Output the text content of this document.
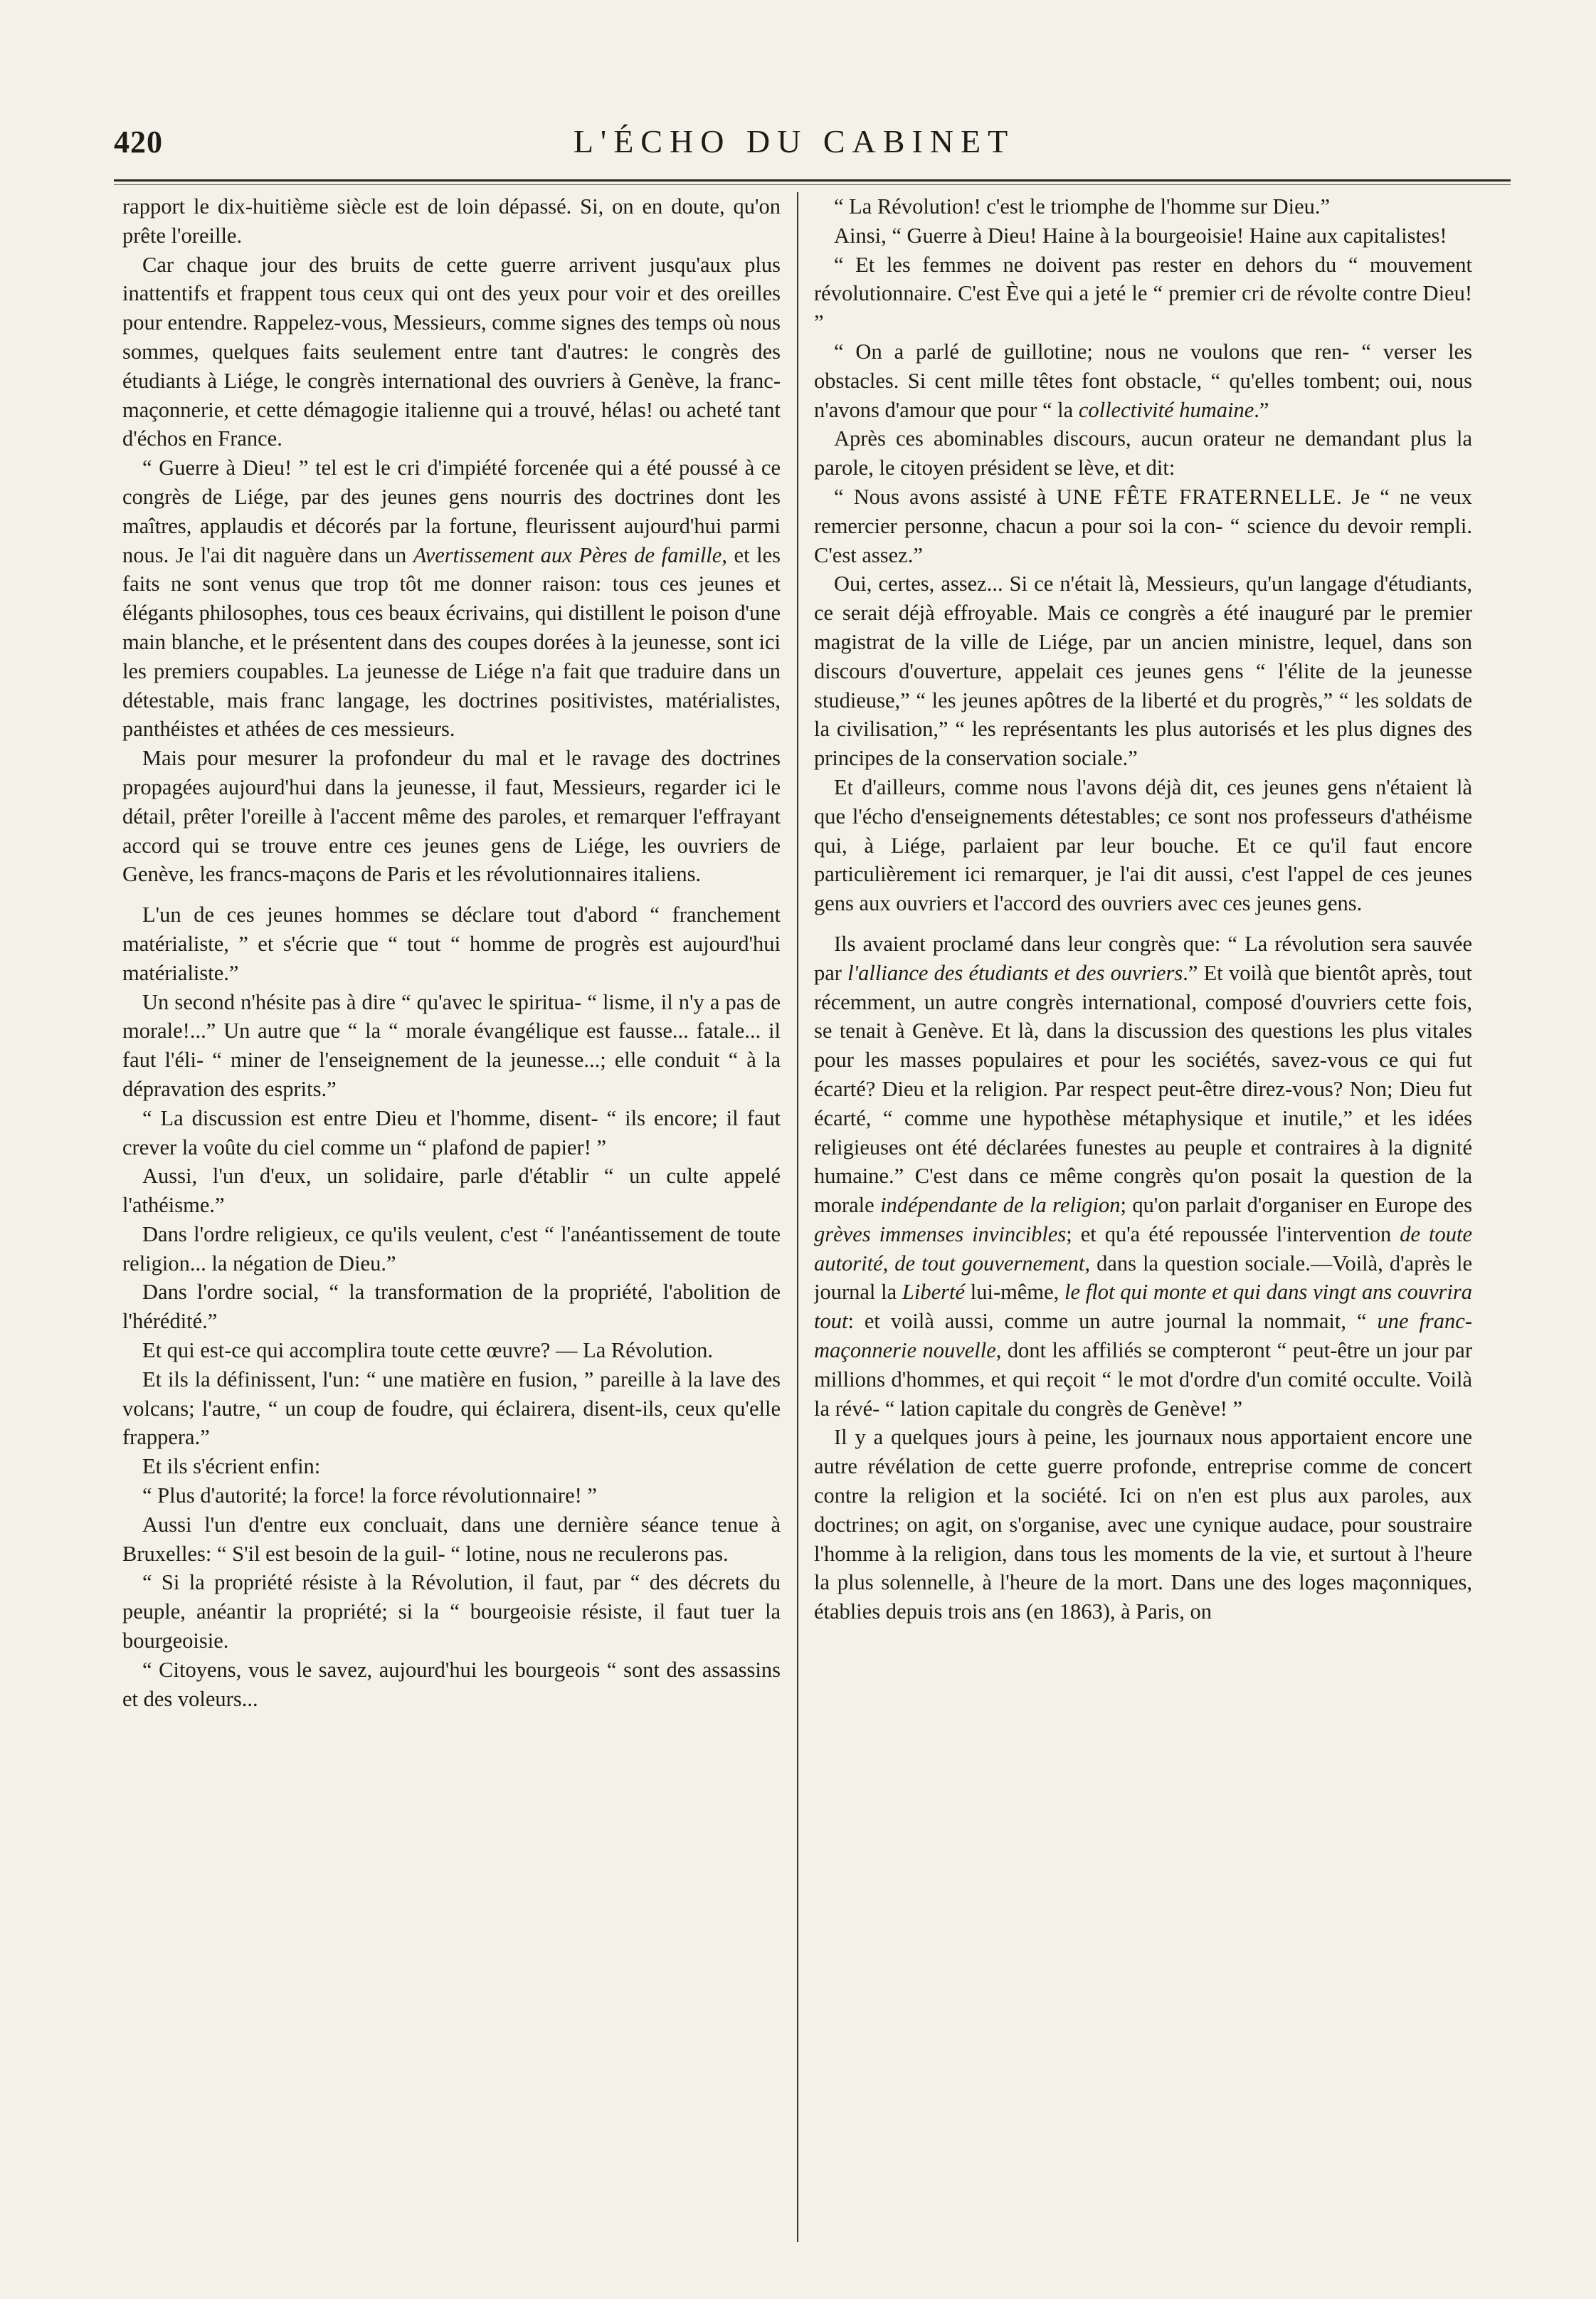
420	L'ÉCHO DU CABINET

rapport le dix-huitième siècle est de loin dépassé. Si, on en doute, qu'on prête l'oreille.

Car chaque jour des bruits de cette guerre arrivent jusqu'aux plus inattentifs et frappent tous ceux qui ont des yeux pour voir et des oreilles pour entendre. Rappelez-vous, Messieurs, comme signes des temps où nous sommes, quelques faits seulement entre tant d'autres: le congrès des étudiants à Liége, le congrès international des ouvriers à Genève, la franc-maçonnerie, et cette démagogie italienne qui a trouvé, hélas! ou acheté tant d'échos en France.

“ Guerre à Dieu! ” tel est le cri d'impiété forcenée qui a été poussé à ce congrès de Liége, par des jeunes gens nourris des doctrines dont les maîtres, applaudis et décorés par la fortune, fleurissent aujourd'hui parmi nous. Je l'ai dit naguère dans un Avertissement aux Pères de famille, et les faits ne sont venus que trop tôt me donner raison: tous ces jeunes et élégants philosophes, tous ces beaux écrivains, qui distillent le poison d'une main blanche, et le présentent dans des coupes dorées à la jeunesse, sont ici les premiers coupables. La jeunesse de Liége n'a fait que traduire dans un détestable, mais franc langage, les doctrines positivistes, matérialistes, panthéistes et athées de ces messieurs.

Mais pour mesurer la profondeur du mal et le ravage des doctrines propagées aujourd'hui dans la jeunesse, il faut, Messieurs, regarder ici le détail, prêter l'oreille à l'accent même des paroles, et remarquer l'effrayant accord qui se trouve entre ces jeunes gens de Liége, les ouvriers de Genève, les francs-maçons de Paris et les révolutionnaires italiens.

L'un de ces jeunes hommes se déclare tout d'abord “ franchement matérialiste, ” et s'écrie que “ tout “ homme de progrès est aujourd'hui matérialiste.”

Un second n'hésite pas à dire “ qu'avec le spiritua- “ lisme, il n'y a pas de morale!...” Un autre que “ la “ morale évangélique est fausse... fatale... il faut l'éli- “ miner de l'enseignement de la jeunesse...; elle conduit “ à la dépravation des esprits.”

“ La discussion est entre Dieu et l'homme, disent- “ ils encore; il faut crever la voûte du ciel comme un “ plafond de papier! ”

Aussi, l'un d'eux, un solidaire, parle d'établir “ un culte appelé l'athéisme.”

Dans l'ordre religieux, ce qu'ils veulent, c'est “ l'anéantissement de toute religion... la négation de Dieu.”

Dans l'ordre social, “ la transformation de la propriété, l'abolition de l'hérédité.”

Et qui est-ce qui accomplira toute cette œuvre? — La Révolution.

Et ils la définissent, l'un: “ une matière en fusion, ” pareille à la lave des volcans; l'autre, “ un coup de foudre, qui éclairera, disent-ils, ceux qu'elle frappera.”

Et ils s'écrient enfin:

“ Plus d'autorité; la force! la force révolutionnaire! ”

Aussi l'un d'entre eux concluait, dans une dernière séance tenue à Bruxelles: “ S'il est besoin de la guil- “ lotine, nous ne reculerons pas.

“ Si la propriété résiste à la Révolution, il faut, par “ des décrets du peuple, anéantir la propriété; si la “ bourgeoisie résiste, il faut tuer la bourgeoisie.

“ Citoyens, vous le savez, aujourd'hui les bourgeois “ sont des assassins et des voleurs...

“ La Révolution! c'est le triomphe de l'homme sur Dieu.”

Ainsi, “ Guerre à Dieu! Haine à la bourgeoisie! Haine aux capitalistes!

“ Et les femmes ne doivent pas rester en dehors du “ mouvement révolutionnaire. C'est Ève qui a jeté le “ premier cri de révolte contre Dieu! ”

“ On a parlé de guillotine; nous ne voulons que ren- “ verser les obstacles. Si cent mille têtes font obstacle, “ qu'elles tombent; oui, nous n'avons d'amour que pour “ la collectivité humaine.”

Après ces abominables discours, aucun orateur ne demandant plus la parole, le citoyen président se lève, et dit:

“ Nous avons assisté à UNE FÊTE FRATERNELLE. Je “ ne veux remercier personne, chacun a pour soi la con- “ science du devoir rempli. C'est assez.”

Oui, certes, assez... Si ce n'était là, Messieurs, qu'un langage d'étudiants, ce serait déjà effroyable. Mais ce congrès a été inauguré par le premier magistrat de la ville de Liége, par un ancien ministre, lequel, dans son discours d'ouverture, appelait ces jeunes gens “ l'élite de la jeunesse studieuse,” “ les jeunes apôtres de la liberté et du progrès,” “ les soldats de la civilisation,” “ les représentants les plus autorisés et les plus dignes des principes de la conservation sociale.”

Et d'ailleurs, comme nous l'avons déjà dit, ces jeunes gens n'étaient là que l'écho d'enseignements détestables; ce sont nos professeurs d'athéisme qui, à Liége, parlaient par leur bouche. Et ce qu'il faut encore particulièrement ici remarquer, je l'ai dit aussi, c'est l'appel de ces jeunes gens aux ouvriers et l'accord des ouvriers avec ces jeunes gens.

Ils avaient proclamé dans leur congrès que: “ La révolution sera sauvée par l'alliance des étudiants et des ouvriers.” Et voilà que bientôt après, tout récemment, un autre congrès international, composé d'ouvriers cette fois, se tenait à Genève. Et là, dans la discussion des questions les plus vitales pour les masses populaires et pour les sociétés, savez-vous ce qui fut écarté? Dieu et la religion. Par respect peut-être direz-vous? Non; Dieu fut écarté, “ comme une hypothèse métaphysique et inutile,” et les idées religieuses ont été déclarées funestes au peuple et contraires à la dignité humaine.” C'est dans ce même congrès qu'on posait la question de la morale indépendante de la religion; qu'on parlait d'organiser en Europe des grèves immenses invincibles; et qu'a été repoussée l'intervention de toute autorité, de tout gouvernement, dans la question sociale.—Voilà, d'après le journal la Liberté lui-même, le flot qui monte et qui dans vingt ans couvrira tout: et voilà aussi, comme un autre journal la nommait, “ une franc-maçonnerie nouvelle, dont les affiliés se compteront “ peut-être un jour par millions d'hommes, et qui reçoit “ le mot d'ordre d'un comité occulte. Voilà la révé- “ lation capitale du congrès de Genève! ”

Il y a quelques jours à peine, les journaux nous apportaient encore une autre révélation de cette guerre profonde, entreprise comme de concert contre la religion et la société. Ici on n'en est plus aux paroles, aux doctrines; on agit, on s'organise, avec une cynique audace, pour soustraire l'homme à la religion, dans tous les moments de la vie, et surtout à l'heure la plus solennelle, à l'heure de la mort. Dans une des loges maçonniques, établies depuis trois ans (en 1863), à Paris, on
